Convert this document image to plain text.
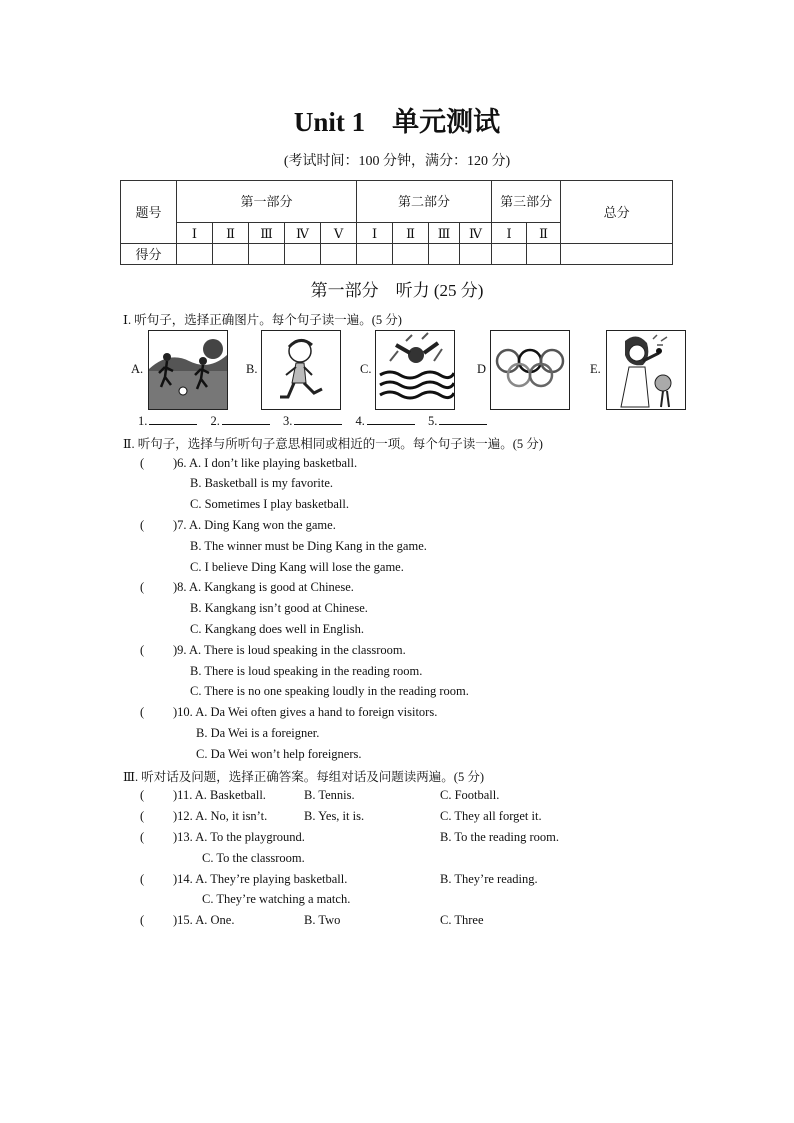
Unit 1　单元测试
(考试时间：100 分钟，满分：120 分)
题号	第一部分					第二部分				第三部分		总分
	Ⅰ	Ⅱ	Ⅲ	Ⅳ	Ⅴ	Ⅰ	Ⅱ	Ⅲ	Ⅳ	Ⅰ	Ⅱ	
得分												
第一部分　听力 (25 分)
Ⅰ. 听句子，选择正确图片。每个句子读一遍。(5 分)
A.	B.	C.	D	E.
1.	2.	3.	4.	5.
Ⅱ. 听句子，选择与所听句子意思相同或相近的一项。每个句子读一遍。(5 分)
( )6. A. I don’t like playing basketball.
B. Basketball is my favorite.
C. Sometimes I play basketball.
( )7. A. Ding Kang won the game.
B. The winner must be Ding Kang in the game.
C. I believe Ding Kang will lose the game.
( )8. A. Kangkang is good at Chinese.
B. Kangkang isn’t good at Chinese.
C. Kangkang does well in English.
( )9. A. There is loud speaking in the classroom.
B. There is loud speaking in the reading room.
C. There is no one speaking loudly in the reading room.
( )10. A. Da Wei often gives a hand to foreign visitors.
B. Da Wei is a foreigner.
C. Da Wei won’t help foreigners.
Ⅲ. 听对话及问题，选择正确答案。每组对话及问题读两遍。(5 分)
( )11. A. Basketball.	B. Tennis.	C. Football.
( )12. A. No, it isn’t.	B. Yes, it is.	C. They all forget it.
( )13. A. To the playground.	B. To the reading room.
C. To the classroom.
( )14. A. They’re playing basketball.	B. They’re reading.
C. They’re watching a match.
( )15. A. One.	B. Two	C. Three
